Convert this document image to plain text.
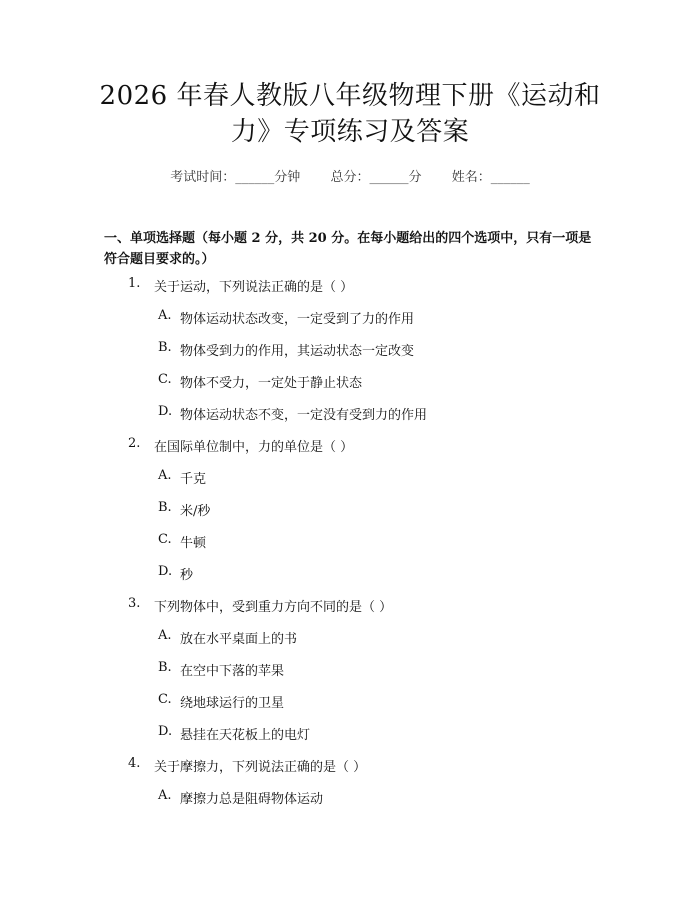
2026 年春人教版八年级物理下册《运动和
力》专项练习及答案
考试时间：______分钟 总分：______分 姓名：______
一、单项选择题（每小题 2 分，共 20 分。在每小题给出的四个选项中，只有一项是符合题目要求的。）
1.	关于运动，下列说法正确的是（ ）
A. 物体运动状态改变，一定受到了力的作用
B. 物体受到力的作用，其运动状态一定改变
C. 物体不受力，一定处于静止状态
D. 物体运动状态不变，一定没有受到力的作用
2.	在国际单位制中，力的单位是（ ）
A. 千克
B. 米/秒
C. 牛顿
D. 秒
3.	下列物体中，受到重力方向不同的是（ ）
A. 放在水平桌面上的书
B. 在空中下落的苹果
C. 绕地球运行的卫星
D. 悬挂在天花板上的电灯
4.	关于摩擦力，下列说法正确的是（ ）
A. 摩擦力总是阻碍物体运动
